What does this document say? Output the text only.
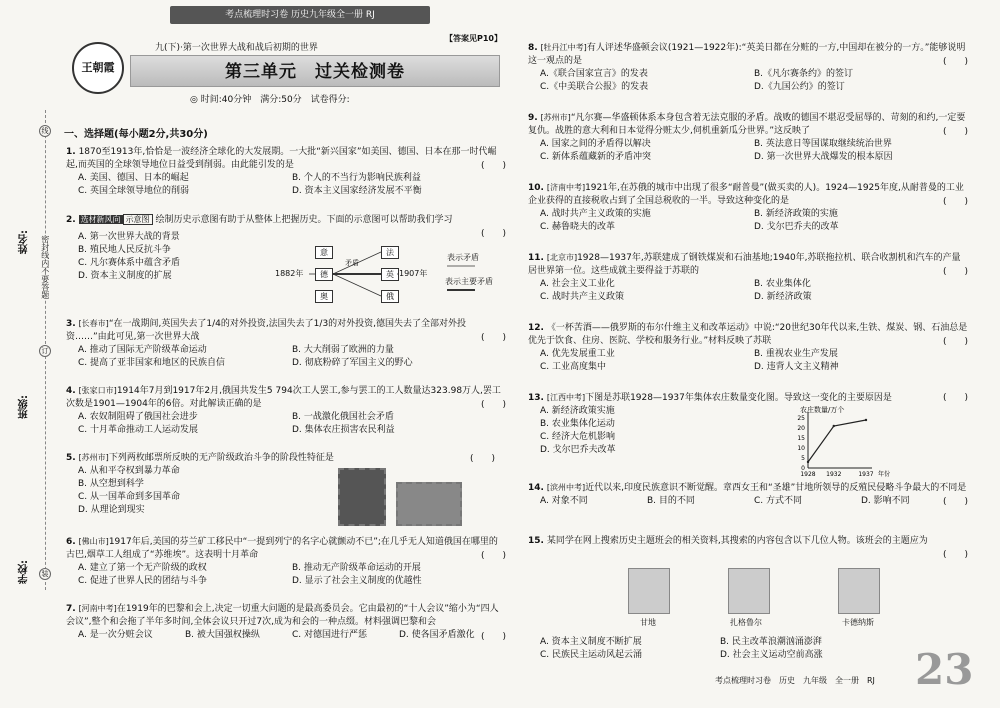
考点梳理时习卷 历史九年级全一册 RJ
【答案见P10】
姓名:
班级:
学校:
密封线内不要答题
线
订
装
王朝霞
九(下)·第一次世界大战和战后初期的世界
第三单元　过关检测卷
◎ 时间:40分钟　满分:50分　试卷得分:
一、选择题(每小题2分,共30分)
1. 1870至1913年,恰恰是一波经济全球化的大发展期。一大批“新兴国家”如美国、德国、日本在那一时代崛起,而英国的全球领导地位日益受到削弱。由此能引发的是	(　　)
A. 美国、德国、日本的崛起	B. 个人的不当行为影响民族利益
C. 英国全球领导地位的削弱	D. 资本主义国家经济发展不平衡
2. 选材新风向 示意图 绘制历史示意图有助于从整体上把握历史。下面的示意图可以帮助我们学习
(　　)
A. 第一次世界大战的背景
B. 殖民地人民反抗斗争
C. 凡尔赛体系中蕴含矛盾
D. 资本主义制度的扩展	1882年	1907年
意
德
奥
法
英
俄
矛盾
表示矛盾
表示主要矛盾
3. [长春市]“在一战期间,英国失去了1/4的对外投资,法国失去了1/3的对外投资,德国失去了全部对外投资……”由此可见,第一次世界大战	(　　)
A. 推动了国际无产阶级革命运动	B. 大大削弱了欧洲的力量
C. 提高了亚非国家和地区的民族自信	D. 彻底粉碎了军国主义的野心
4. [张家口市]1914年7月到1917年2月,俄国共发生5 794次工人罢工,参与罢工的工人数量达323.98万人,罢工次数是1901—1904年的6倍。对此解读正确的是	(　　)
A. 农奴制阻碍了俄国社会进步	B. 一战激化俄国社会矛盾
C. 十月革命推动工人运动发展	D. 集体农庄损害农民利益
5. [苏州市]下列两枚邮票所反映的无产阶级政治斗争的阶段性特征是
A. 从和平夺权到暴力革命
B. 从空想到科学
C. 从一国革命到多国革命
D. 从理论到现实
(　　)
6. [佛山市]1917年后,美国的芬兰矿工移民中“一提到列宁的名字心就颤动不已”;在几乎无人知道俄国在哪里的古巴,烟草工人组成了“苏维埃”。这表明十月革命	(　　)
A. 建立了第一个无产阶级的政权	B. 推动无产阶级革命运动的开展
C. 促进了世界人民的团结与斗争	D. 显示了社会主义制度的优越性
7. [河南中考]在1919年的巴黎和会上,决定一切重大问题的是最高委员会。它由最初的“十人会议”缩小为“四人会议”,整个和会拖了半年多时间,全体会议只开过7次,成为和会的一种点缀。材料强调巴黎和会
(　　)
A. 是一次分赃会议	B. 被大国强权操纵	C. 对德国进行严惩	D. 使各国矛盾激化
8. [牡丹江中考]有人评述华盛顿会议(1921—1922年):“英美日都在分赃的一方,中国却在被分的一方。”能够说明这一观点的是	(　　)
A.《联合国家宣言》的发表	B.《凡尔赛条约》的签订
C.《中美联合公报》的发表	D.《九国公约》的签订
9. [苏州市]“凡尔赛—华盛顿体系本身包含着无法克服的矛盾。战败的德国不堪忍受屈辱的、苛刻的和约,一定要复仇。战胜的意大利和日本觉得分赃太少,伺机重新瓜分世界。”这反映了	(　　)
A. 国家之间的矛盾得以解决	B. 英法意日等国谋取继续统治世界
C. 新体系蕴藏新的矛盾冲突	D. 第一次世界大战爆发的根本原因
10. [济南中考]1921年,在苏俄的城市中出现了很多“耐普曼”(做买卖的人)。1924—1925年度,从耐普曼的工业企业获得的直接税收占到了全国总税收的一半。导致这种变化的是	(　　)
A. 战时共产主义政策的实施	B. 新经济政策的实施
C. 赫鲁晓夫的改革	D. 戈尔巴乔夫的改革
11. [北京市]1928—1937年,苏联建成了钢铁煤炭和石油基地;1940年,苏联拖拉机、联合收割机和汽车的产量居世界第一位。这些成就主要得益于苏联的	(　　)
A. 社会主义工业化	B. 农业集体化
C. 战时共产主义政策	D. 新经济政策
12. 《一杯苦酒——俄罗斯的布尔什维主义和改革运动》中说:“20世纪30年代以来,生铁、煤炭、钢、石油总是优先于饮食、住房、医院、学校和服务行业。”材料反映了苏联	(　　)
A. 优先发展重工业	B. 重视农业生产发展
C. 工业高度集中	D. 违背人文主义精神
13. [江西中考]下图是苏联1928—1937年集体农庄数量变化图。导致这一变化的主要原因是	(　　)
A. 新经济政策实施
B. 农业集体化运动
C. 经济大危机影响
D. 戈尔巴乔夫改革
农庄数量/万个
0
5
10
15
20
25
1928 1932	1937 年份
14. [滨州中考]近代以来,印度民族意识不断觉醒。章西女王和“圣雄”甘地所领导的反殖民侵略斗争最大的不同是
(　　)
A. 对象不同	B. 目的不同	C. 方式不同	D. 影响不同
15. 某同学在网上搜索历史主题班会的相关资料,其搜索的内容包含以下几位人物。该班会的主题应为
(　　)
甘地	扎格鲁尔	卡德纳斯
A. 资本主义制度不断扩展	B. 民主改革浪潮汹涌澎湃
C. 民族民主运动风起云涌	D. 社会主义运动空前高涨	23
考点梳理时习卷　历史　九年级　全一册　RJ
